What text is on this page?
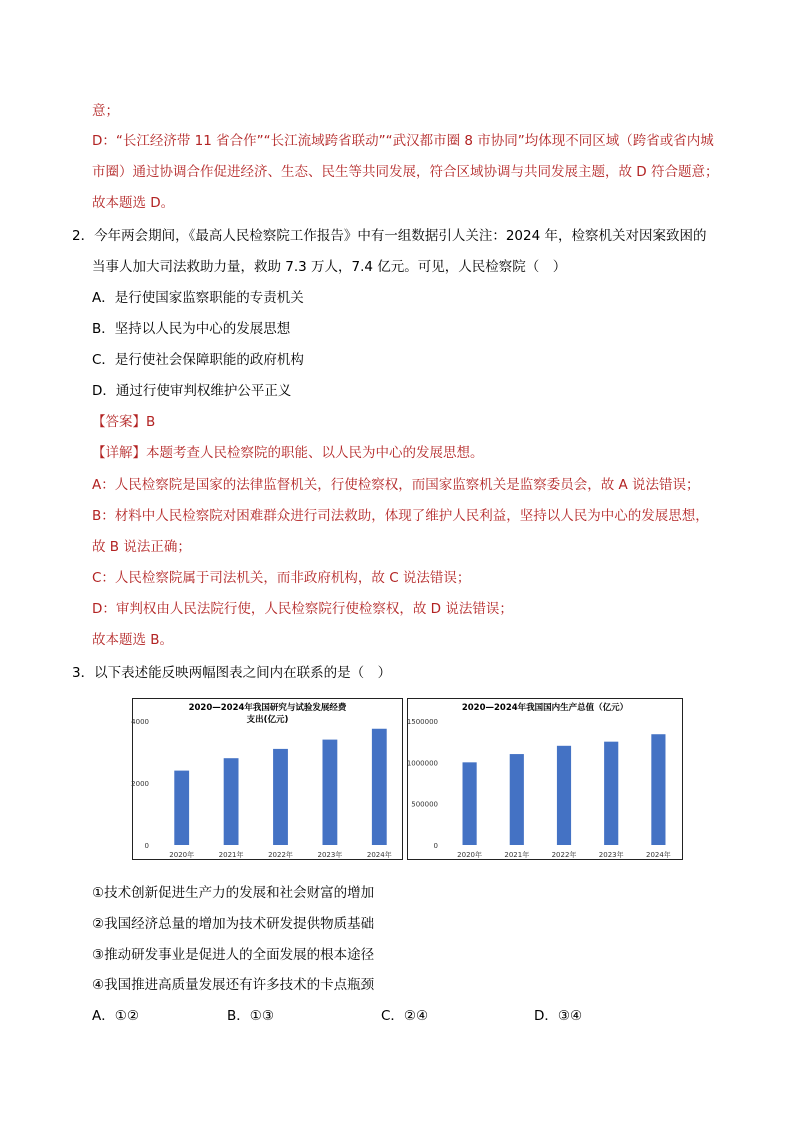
意；
D：“长江经济带 11 省合作”“长江流域跨省联动”“武汉都市圈 8 市协同”均体现不同区域（跨省或省内城
市圈）通过协调合作促进经济、生态、民生等共同发展，符合区域协调与共同发展主题，故 D 符合题意；
故本题选 D。
2．今年两会期间，《最高人民检察院工作报告》中有一组数据引人关注：2024 年，检察机关对因案致困的
当事人加大司法救助力量，救助 7.3 万人，7.4 亿元。可见，人民检察院（　）
A．是行使国家监察职能的专责机关
B．坚持以人民为中心的发展思想
C．是行使社会保障职能的政府机构
D．通过行使审判权维护公平正义
【答案】B
【详解】本题考查人民检察院的职能、以人民为中心的发展思想。
A：人民检察院是国家的法律监督机关，行使检察权，而国家监察机关是监察委员会，故 A 说法错误；
B：材料中人民检察院对困难群众进行司法救助，体现了维护人民利益，坚持以人民为中心的发展思想，
故 B 说法正确；
C：人民检察院属于司法机关，而非政府机构，故 C 说法错误；
D：审判权由人民法院行使，人民检察院行使检察权，故 D 说法错误；
故本题选 B。
3．以下表述能反映两幅图表之间内在联系的是（　）
2020—2024年我国研究与试验发展经费
支出(亿元)
0
2000
4000
2020年	2021年	2022年	2023年	2024年
2020—2024年我国国内生产总值（亿元）
0
500000
1000000
1500000
2020年	2021年	2022年	2023年	2024年
①技术创新促进生产力的发展和社会财富的增加
②我国经济总量的增加为技术研发提供物质基础
③推动研发事业是促进人的全面发展的根本途径
④我国推进高质量发展还有许多技术的卡点瓶颈
A．①②	B．①③	C．②④	D．③④
